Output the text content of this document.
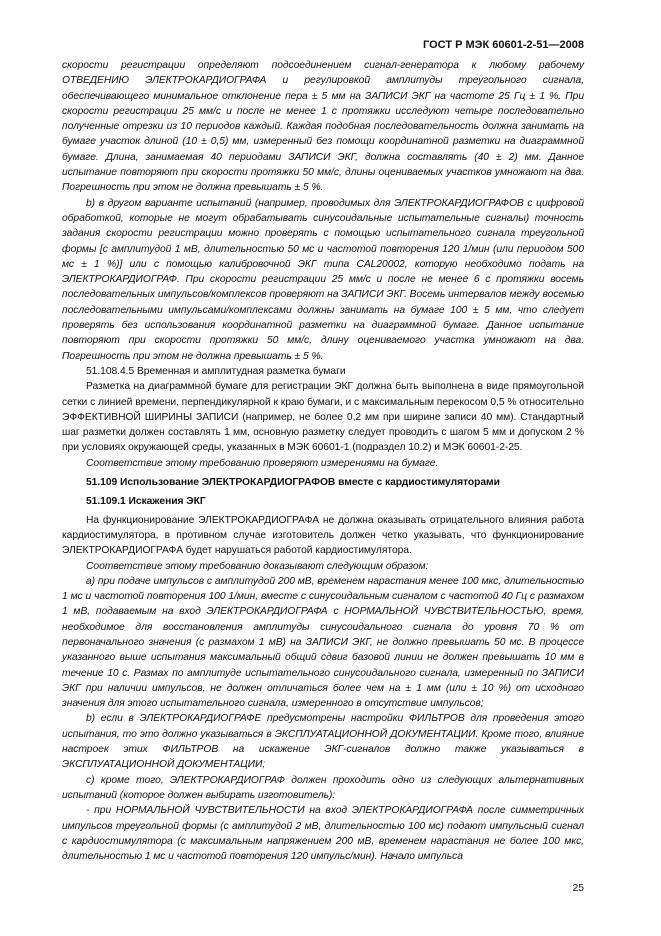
ГОСТ Р МЭК 60601-2-51—2008

скорости регистрации определяют подсоединением сигнал-генератора к любому рабочему ОТВЕДЕНИЮ ЭЛЕКТРОКАРДИОГРАФА и регулировкой амплитуды треугольного сигнала, обеспечивающего минимальное отклонение пера ± 5 мм на ЗАПИСИ ЭКГ на частоте 25 Гц ± 1 %. При скорости регистрации 25 мм/с и после не менее 1 с протяжки исследуют четыре последовательно полученные отрезки из 10 периодов каждый. Каждая подобная последовательность должна занимать на бумаге участок длиной (10 ± 0,5) мм, измеренный без помощи координатной разметки на диаграммной бумаге. Длина, занимаемая 40 периодами ЗАПИСИ ЭКГ, должна составлять (40 ± 2) мм. Данное испытание повторяют при скорости протяжки 50 мм/с, длины оцениваемых участков умножают на два. Погрешность при этом не должна превышать ± 5 %.

b) в другом варианте испытаний (например, проводимых для ЭЛЕКТРОКАРДИОГРАФОВ с цифровой обработкой, которые не могут обрабатывать синусоидальные испытательные сигналы) точность задания скорости регистрации можно проверять с помощью испытательного сигнала треугольной формы [с амплитудой 1 мВ, длительностью 50 мс и частотой повторения 120 1/мин (или периодом 500 мс ± 1 %)] или с помощью калибровочной ЭКГ типа CAL20002, которую необходимо подать на ЭЛЕКТРОКАРДИОГРАФ. При скорости регистрации 25 мм/с и после не менее 6 с протяжки восемь последовательных импульсов/комплексов проверяют на ЗАПИСИ ЭКГ. Восемь интервалов между восемью последовательными импульсами/комплексами должны занимать на бумаге 100 ± 5 мм, что следует проверять без использования координатной разметки на диаграммной бумаге. Данное испытание повторяют при скорости протяжки 50 мм/с, длину оцениваемого участка умножают на два. Погрешность при этом не должна превышать ± 5 %.

51.108.4.5 Временная и амплитудная разметка бумаги

Разметка на диаграммной бумаге для регистрации ЭКГ должна быть выполнена в виде прямоугольной сетки с линией времени, перпендикулярной к краю бумаги, и с максимальным перекосом 0,5 % относительно ЭФФЕКТИВНОЙ ШИРИНЫ ЗАПИСИ (например, не более 0,2 мм при ширине записи 40 мм). Стандартный шаг разметки должен составлять 1 мм, основную разметку следует проводить с шагом 5 мм и допуском 2 % при условиях окружающей среды, указанных в МЭК 60601-1 (подраздел 10.2) и МЭК 60601-2-25.

Соответствие этому требованию проверяют измерениями на бумаге.

51.109 Использование ЭЛЕКТРОКАРДИОГРАФОВ вместе с кардиостимуляторами

51.109.1 Искажения ЭКГ

На функционирование ЭЛЕКТРОКАРДИОГРАФА не должна оказывать отрицательного влияния работа кардиостимулятора, в противном случае изготовитель должен четко указывать, что функционирование ЭЛЕКТРОКАРДИОГРАФА будет нарушаться работой кардиостимулятора.

Соответствие этому требованию доказывают следующим образом:

а) при подаче импульсов с амплитудой 200 мВ, временем нарастания менее 100 мкс, длительностью 1 мс и частотой повторения 100 1/мин, вместе с синусоидальным сигналом с частотой 40 Гц с размахом 1 мВ, подаваемым на вход ЭЛЕКТРОКАРДИОГРАФА с НОРМАЛЬНОЙ ЧУВСТВИТЕЛЬНОСТЬЮ, время, необходимое для восстановления амплитуды синусоидального сигнала до уровня 70 % от первоначального значения (с размахом 1 мВ) на ЗАПИСИ ЭКГ, не должно превышать 50 мс. В процессе указанного выше испытания максимальный общий сдвиг базовой линии не должен превышать 10 мм в течение 10 с. Размах по амплитуде испытательного синусоидального сигнала, измеренный по ЗАПИСИ ЭКГ при наличии импульсов, не должен отличаться более чем на ± 1 мм (или ± 10 %) от исходного значения для этого испытательного сигнала, измеренного в отсутствие импульсов;

b) если в ЭЛЕКТРОКАРДИОГРАФЕ предусмотрены настройки ФИЛЬТРОВ для проведения этого испытания, то это должно указываться в ЭКСПЛУАТАЦИОННОЙ ДОКУМЕНТАЦИИ. Кроме того, влияние настроек этих ФИЛЬТРОВ на искажение ЭКГ-сигналов должно также указываться в ЭКСПЛУАТАЦИОННОЙ ДОКУМЕНТАЦИИ;

с) кроме того, ЭЛЕКТРОКАРДИОГРАФ должен проходить одно из следующих альтернативных испытаний (которое должен выбирать изготовитель):

- при НОРМАЛЬНОЙ ЧУВСТВИТЕЛЬНОСТИ на вход ЭЛЕКТРОКАРДИОГРАФА после симметричных импульсов треугольной формы (с амплитудой 2 мВ, длительностью 100 мс) подают импульсный сигнал с кардиостимулятора (с максимальным напряжением 200 мВ, временем нарастания не более 100 мкс, длительностью 1 мс и частотой повторения 120 импульс/мин). Начало импульса

25
